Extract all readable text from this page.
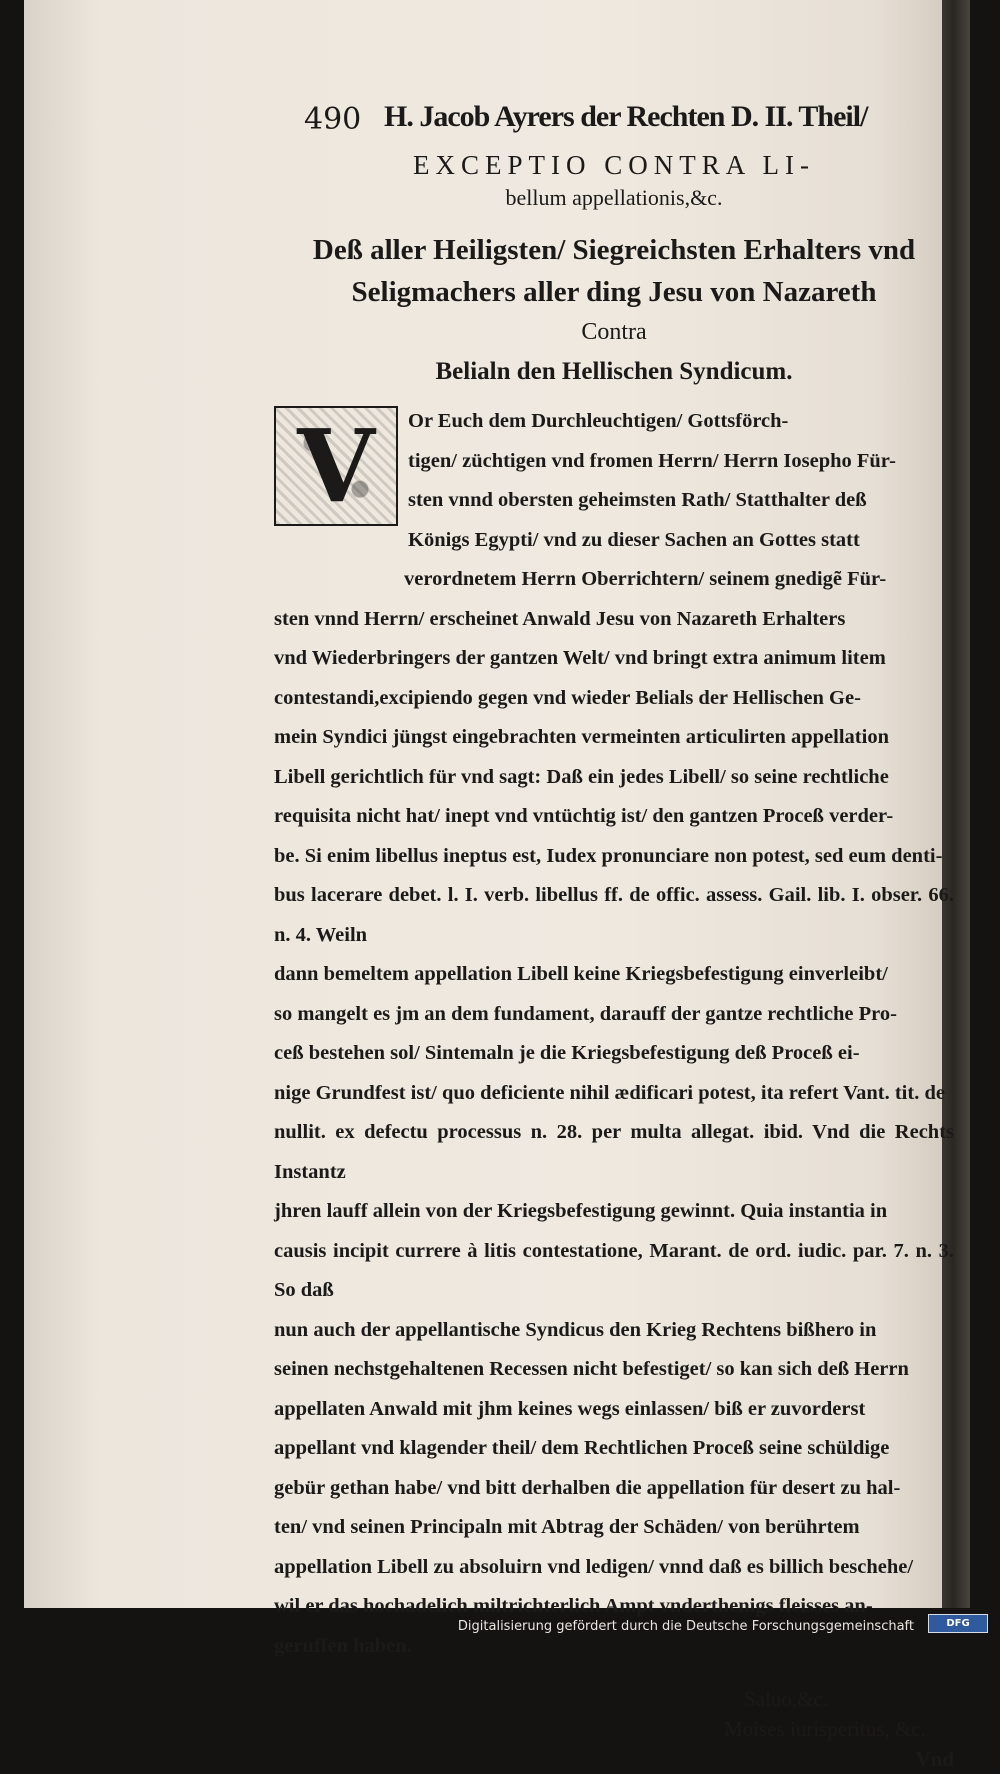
490 H. Jacob Ayrers der Rechten D. II. Theil/
EXCEPTIO CONTRA LI-
bellum appellationis,&c.
Deß aller Heiligsten/ Siegreichsten Erhalters vnd
Seligmachers aller ding Jesu von Nazareth
Contra
Belialn den Hellischen Syndicum.
V	Or Euch dem Durchleuchtigen/ Gottsförch-
tigen/ züchtigen vnd fromen Herrn/ Herrn Iosepho Für-
sten vnnd obersten geheimsten Rath/ Statthalter deß
Königs Egypti/ vnd zu dieser Sachen an Gottes statt
verordnetem Herrn Oberrichtern/ seinem gnedigẽ Für-
sten vnnd Herrn/ erscheinet Anwald Jesu von Nazareth Erhalters
vnd Wiederbringers der gantzen Welt/ vnd bringt extra animum litem
contestandi,excipiendo gegen vnd wieder Belials der Hellischen Ge-
mein Syndici jüngst eingebrachten vermeinten articulirten appellation
Libell gerichtlich für vnd sagt: Daß ein jedes Libell/ so seine rechtliche
requisita nicht hat/ inept vnd vntüchtig ist/ den gantzen Proceß verder-
be. Si enim libellus ineptus est, Iudex pronunciare non potest, sed eum denti-
bus lacerare debet. l. I. verb. libellus ff. de offic. assess. Gail. lib. I. obser. 66. n. 4. Weiln
dann bemeltem appellation Libell keine Kriegsbefestigung einverleibt/
so mangelt es jm an dem fundament, darauff der gantze rechtliche Pro-
ceß bestehen sol/ Sintemaln je die Kriegsbefestigung deß Proceß ei-
nige Grundfest ist/ quo deficiente nihil ædificari potest, ita refert Vant. tit. de
nullit. ex defectu processus n. 28. per multa allegat. ibid. Vnd die Rechts Instantz
jhren lauff allein von der Kriegsbefestigung gewinnt. Quia instantia in
causis incipit currere à litis contestatione, Marant. de ord. iudic. par. 7. n. 3. So daß
nun auch der appellantische Syndicus den Krieg Rechtens bißhero in
seinen nechstgehaltenen Recessen nicht befestiget/ so kan sich deß Herrn
appellaten Anwald mit jhm keines wegs einlassen/ biß er zuvorderst
appellant vnd klagender theil/ dem Rechtlichen Proceß seine schüldige
gebür gethan habe/ vnd bitt derhalben die appellation für desert zu hal-
ten/ vnd seinen Principaln mit Abtrag der Schäden/ von berührtem
appellation Libell zu absoluirn vnd ledigen/ vnnd daß es billich beschehe/
wil er das hochadelich miltrichterlich Ampt vnderthenigs fleisses an-
geruffen haben.
Saluo,&c.
Moises iurisperitus, &c.
Vnd
Digitalisierung gefördert durch die Deutsche Forschungsgemeinschaft	DFG
